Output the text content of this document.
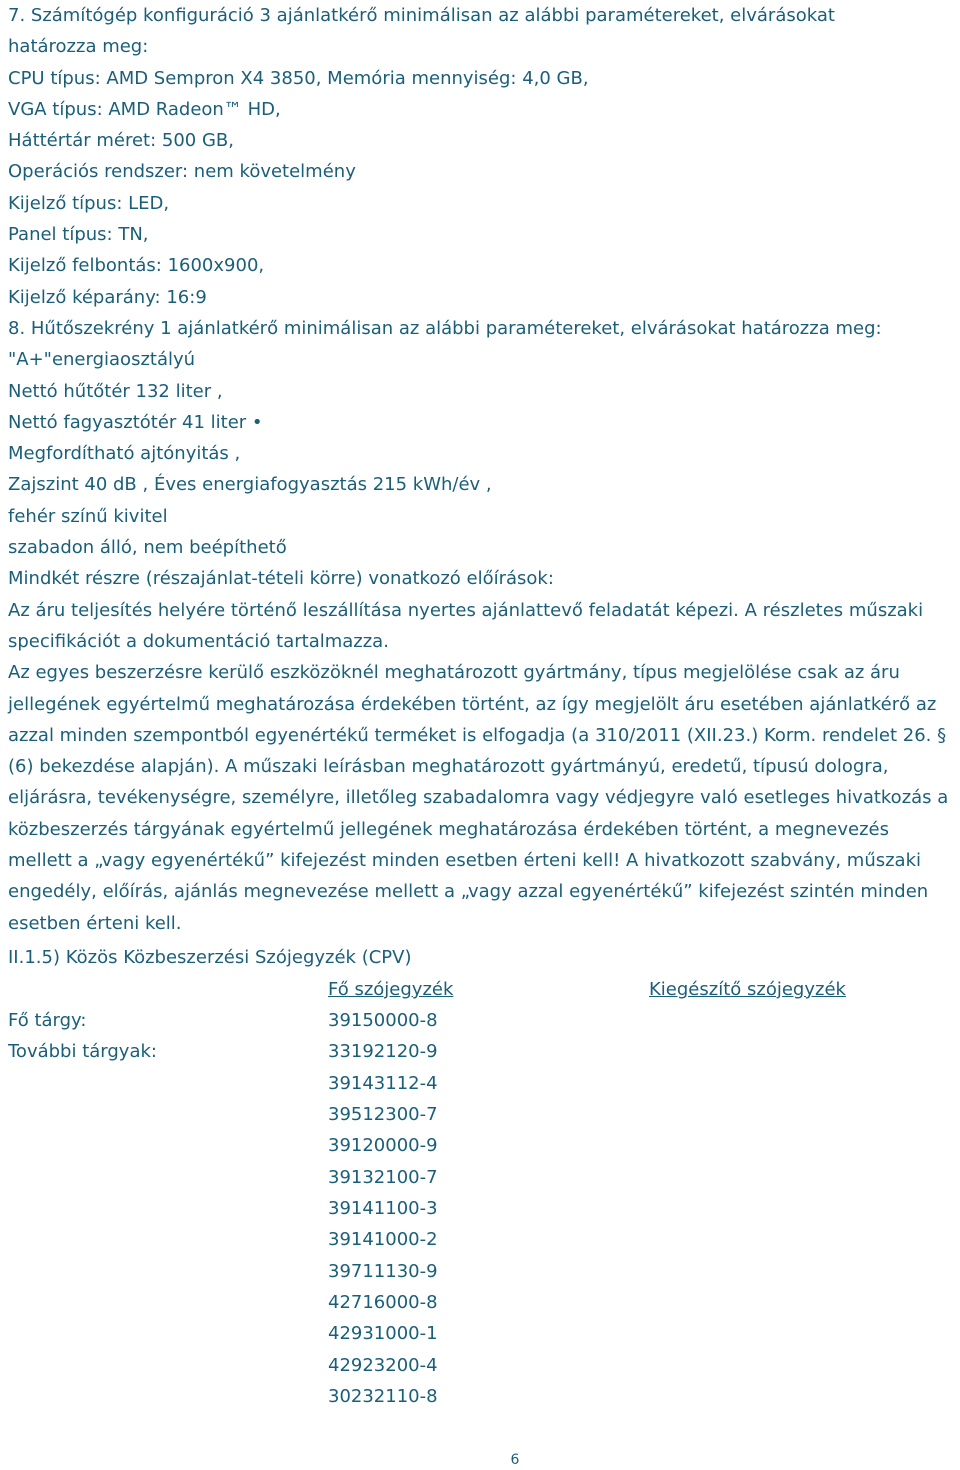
7. Számítógép konfiguráció 3 ajánlatkérő minimálisan az alábbi paramétereket, elvárásokat
határozza meg:
CPU típus: AMD Sempron X4 3850, Memória mennyiség: 4,0 GB,
VGA típus: AMD Radeon™ HD,
Háttértár méret: 500 GB,
Operációs rendszer: nem követelmény
Kijelző típus: LED,
Panel típus: TN,
Kijelző felbontás: 1600x900,
Kijelző képarány: 16:9
8. Hűtőszekrény 1 ajánlatkérő minimálisan az alábbi paramétereket, elvárásokat határozza meg:
"A+"energiaosztályú
Nettó hűtőtér 132 liter ,
Nettó fagyasztótér 41 liter •
Megfordítható ajtónyitás ,
Zajszint 40 dB , Éves energiafogyasztás 215 kWh/év ,
fehér színű kivitel
szabadon álló, nem beépíthető
Mindkét részre (részajánlat-tételi körre) vonatkozó előírások:

Az áru teljesítés helyére történő leszállítása nyertes ajánlattevő feladatát képezi. A részletes műszaki specifikációt a dokumentáció tartalmazza.

Az egyes beszerzésre kerülő eszközöknél meghatározott gyártmány, típus megjelölése csak az áru jellegének egyértelmű meghatározása érdekében történt, az így megjelölt áru esetében ajánlatkérő az azzal minden szempontból egyenértékű terméket is elfogadja (a 310/2011 (XII.23.) Korm. rendelet 26. § (6) bekezdése alapján). A műszaki leírásban meghatározott gyártmányú, eredetű, típusú dologra, eljárásra, tevékenységre, személyre, illetőleg szabadalomra vagy védjegyre való esetleges hivatkozás a közbeszerzés tárgyának egyértelmű jellegének meghatározása érdekében történt, a megnevezés mellett a „vagy egyenértékű” kifejezést minden esetben érteni kell! A hivatkozott szabvány, műszaki engedély, előírás, ajánlás megnevezése mellett a „vagy azzal egyenértékű” kifejezést szintén minden esetben érteni kell.

II.1.5) Közös Közbeszerzési Szójegyzék (CPV)
Fő szójegyzék	Kiegészítő szójegyzék
Fő tárgy:
További tárgyak:
39150000-8
33192120-9
39143112-4
39512300-7
39120000-9
39132100-7
39141100-3
39141000-2
39711130-9
42716000-8
42931000-1
42923200-4
30232110-8
6
